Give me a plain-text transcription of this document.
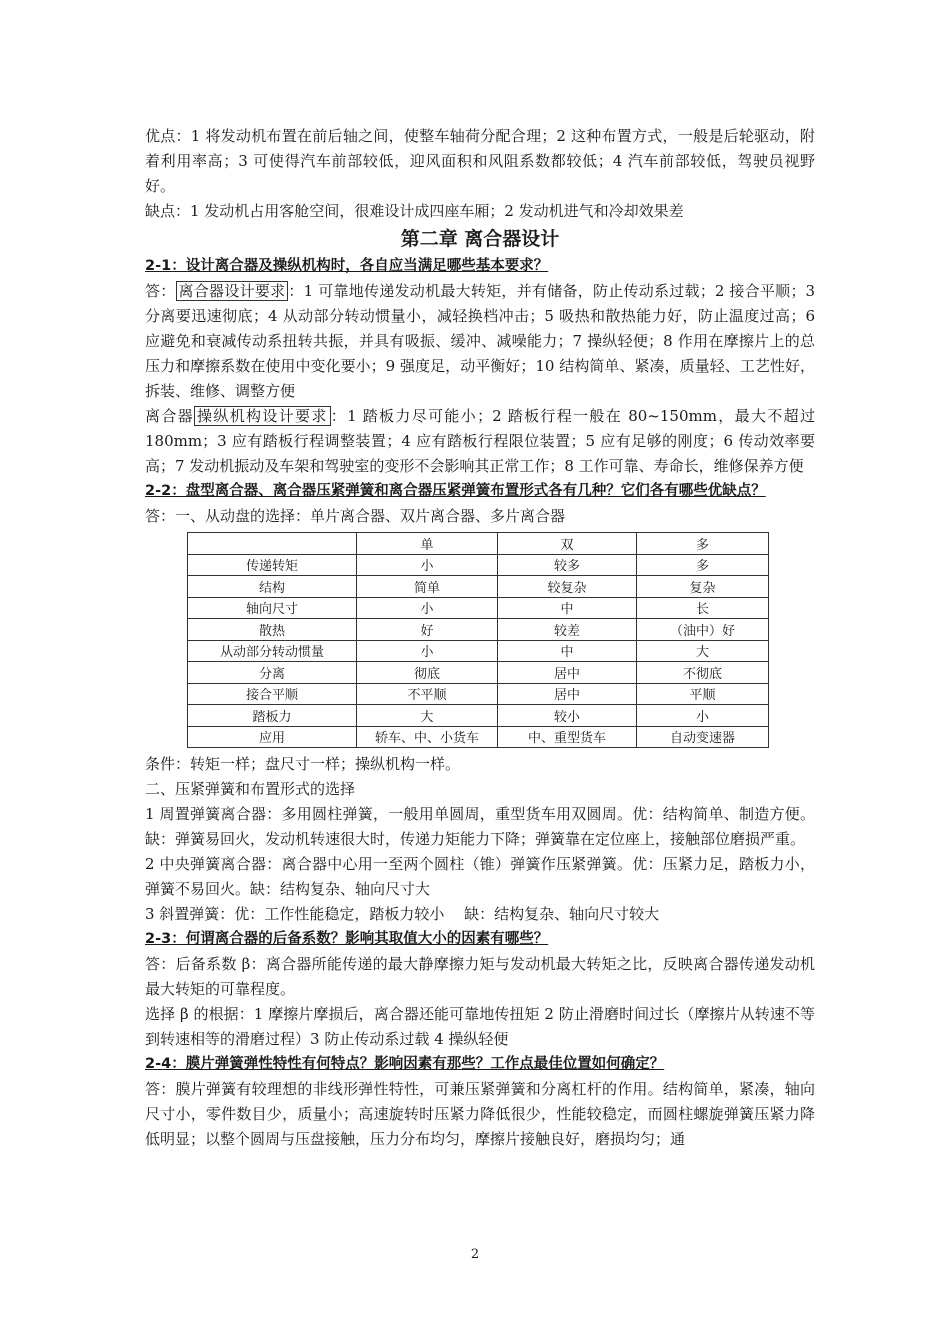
优点：1 将发动机布置在前后轴之间，使整车轴荷分配合理；2 这种布置方式，一般是后轮驱动，附着利用率高；3 可使得汽车前部较低，迎风面积和风阻系数都较低；4 汽车前部较低，驾驶员视野好。

缺点：1 发动机占用客舱空间，很难设计成四座车厢；2 发动机进气和冷却效果差

第二章 离合器设计

2-1：设计离合器及操纵机构时，各自应当满足哪些基本要求？

答： 离合器设计要求 ：1 可靠地传递发动机最大转矩，并有储备，防止传动系过载；2 接合平顺；3 分离要迅速彻底；4 从动部分转动惯量小，减轻换档冲击；5 吸热和散热能力好，防止温度过高；6 应避免和衰减传动系扭转共振，并具有吸振、缓冲、减噪能力；7 操纵轻便；8 作用在摩擦片上的总压力和摩擦系数在使用中变化要小；9 强度足，动平衡好；10 结构简单、紧凑，质量轻、工艺性好，拆装、维修、调整方便

离合器 操纵机构设计要求 ：1 踏板力尽可能小；2 踏板行程一般在 80~150mm，最大不超过 180mm；3 应有踏板行程调整装置；4 应有踏板行程限位装置；5 应有足够的刚度；6 传动效率要高；7 发动机振动及车架和驾驶室的变形不会影响其正常工作；8 工作可靠、寿命长，维修保养方便

2-2：盘型离合器、离合器压紧弹簧和离合器压紧弹簧布置形式各有几种？它们各有哪些优缺点？

答：一、从动盘的选择：单片离合器、双片离合器、多片离合器

	单	双	多
传递转矩	小	较多	多
结构	简单	较复杂	复杂
轴向尺寸	小	中	长
散热	好	较差	（油中）好
从动部分转动惯量	小	中	大
分离	彻底	居中	不彻底
接合平顺	不平顺	居中	平顺
踏板力	大	较小	小
应用	轿车、中、小货车	中、重型货车	自动变速器

条件：转矩一样；盘尺寸一样；操纵机构一样。

二、压紧弹簧和布置形式的选择

1 周置弹簧离合器：多用圆柱弹簧，一般用单圆周，重型货车用双圆周。优：结构简单、制造方便。缺：弹簧易回火，发动机转速很大时，传递力矩能力下降；弹簧靠在定位座上，接触部位磨损严重。

2 中央弹簧离合器：离合器中心用一至两个圆柱（锥）弹簧作压紧弹簧。优：压紧力足，踏板力小，弹簧不易回火。缺：结构复杂、轴向尺寸大

3 斜置弹簧：优：工作性能稳定，踏板力较小　 缺：结构复杂、轴向尺寸较大

2-3：何谓离合器的后备系数？影响其取值大小的因素有哪些？

答：后备系数 β：离合器所能传递的最大静摩擦力矩与发动机最大转矩之比，反映离合器传递发动机最大转矩的可靠程度。

选择 β 的根据：1 摩擦片摩损后，离合器还能可靠地传扭矩 2 防止滑磨时间过长（摩擦片从转速不等到转速相等的滑磨过程）3 防止传动系过载 4 操纵轻便

2-4：膜片弹簧弹性特性有何特点？影响因素有那些？工作点最佳位置如何确定？

答：膜片弹簧有较理想的非线形弹性特性，可兼压紧弹簧和分离杠杆的作用。结构简单，紧凑，轴向尺寸小，零件数目少，质量小；高速旋转时压紧力降低很少，性能较稳定，而圆柱螺旋弹簧压紧力降低明显；以整个圆周与压盘接触，压力分布均匀，摩擦片接触良好，磨损均匀；通

2
